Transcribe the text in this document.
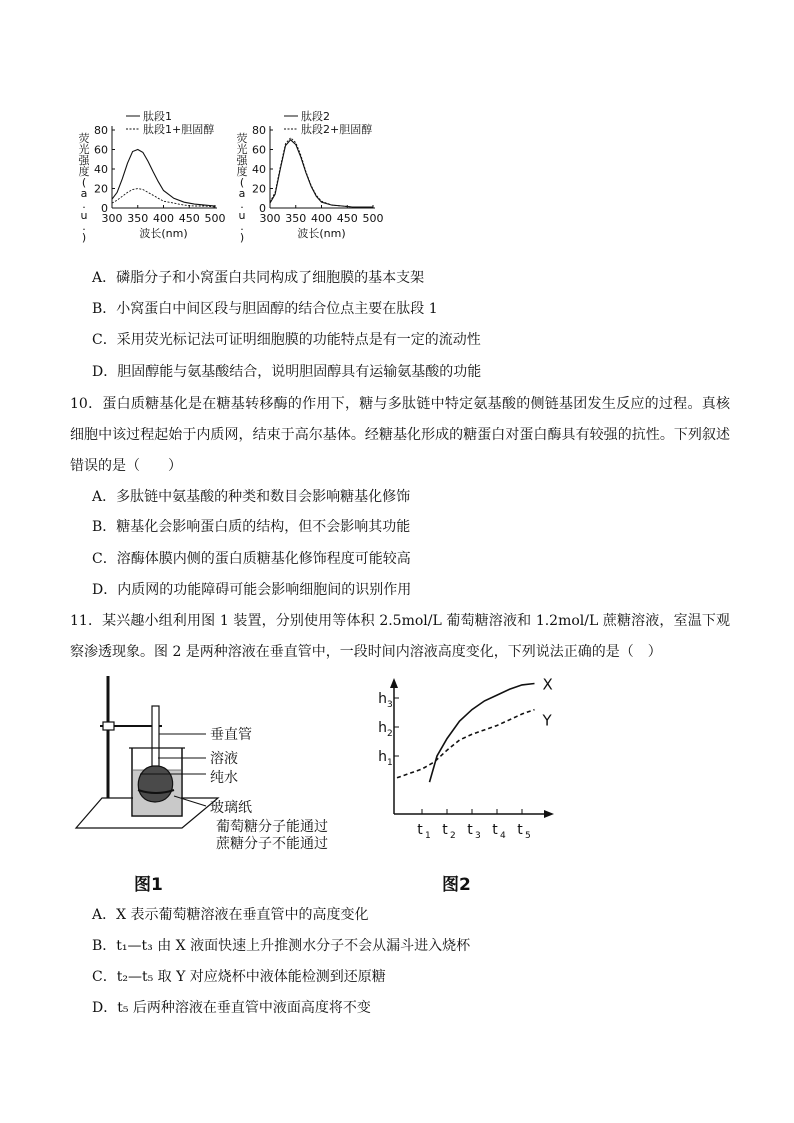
0
20
40
60
80
300 350 400 450 500
波长(nm)
荧
光
强
度
(
a
.
u
.
)
肽段1
肽段1+胆固醇
0
20
40
60
80
300 350 400 450 500
波长(nm)
荧
光
强
度
(
a
.
u
.
)
肽段2
肽段2+胆固醇
A．磷脂分子和小窝蛋白共同构成了细胞膜的基本支架
B．小窝蛋白中间区段与胆固醇的结合位点主要在肽段 1
C．采用荧光标记法可证明细胞膜的功能特点是有一定的流动性
D．胆固醇能与氨基酸结合，说明胆固醇具有运输氨基酸的功能
10．蛋白质糖基化是在糖基转移酶的作用下，糖与多肽链中特定氨基酸的侧链基团发生反应的过程。真核细胞中该过程起始于内质网，结束于高尔基体。经糖基化形成的糖蛋白对蛋白酶具有较强的抗性。下列叙述错误的是（　　）
A．多肽链中氨基酸的种类和数目会影响糖基化修饰
B．糖基化会影响蛋白质的结构，但不会影响其功能
C．溶酶体膜内侧的蛋白质糖基化修饰程度可能较高
D．内质网的功能障碍可能会影响细胞间的识别作用
11．某兴趣小组利用图 1 装置，分别使用等体积 2.5mol/L 葡萄糖溶液和 1.2mol/L 蔗糖溶液，室温下观察渗透现象。图 2 是两种溶液在垂直管中，一段时间内溶液高度变化，下列说法正确的是（　）
垂直管
溶液
纯水
玻璃纸
葡萄糖分子能通过
蔗糖分子不能通过
图1
h 1
h 2
h 3
t 1 t 2 t 3 t 4 t 5
X
Y
图2
A．X 表示葡萄糖溶液在垂直管中的高度变化
B．t₁—t₃ 由 X 液面快速上升推测水分子不会从漏斗进入烧杯
C．t₂—t₅ 取 Y 对应烧杯中液体能检测到还原糖
D．t₅ 后两种溶液在垂直管中液面高度将不变
